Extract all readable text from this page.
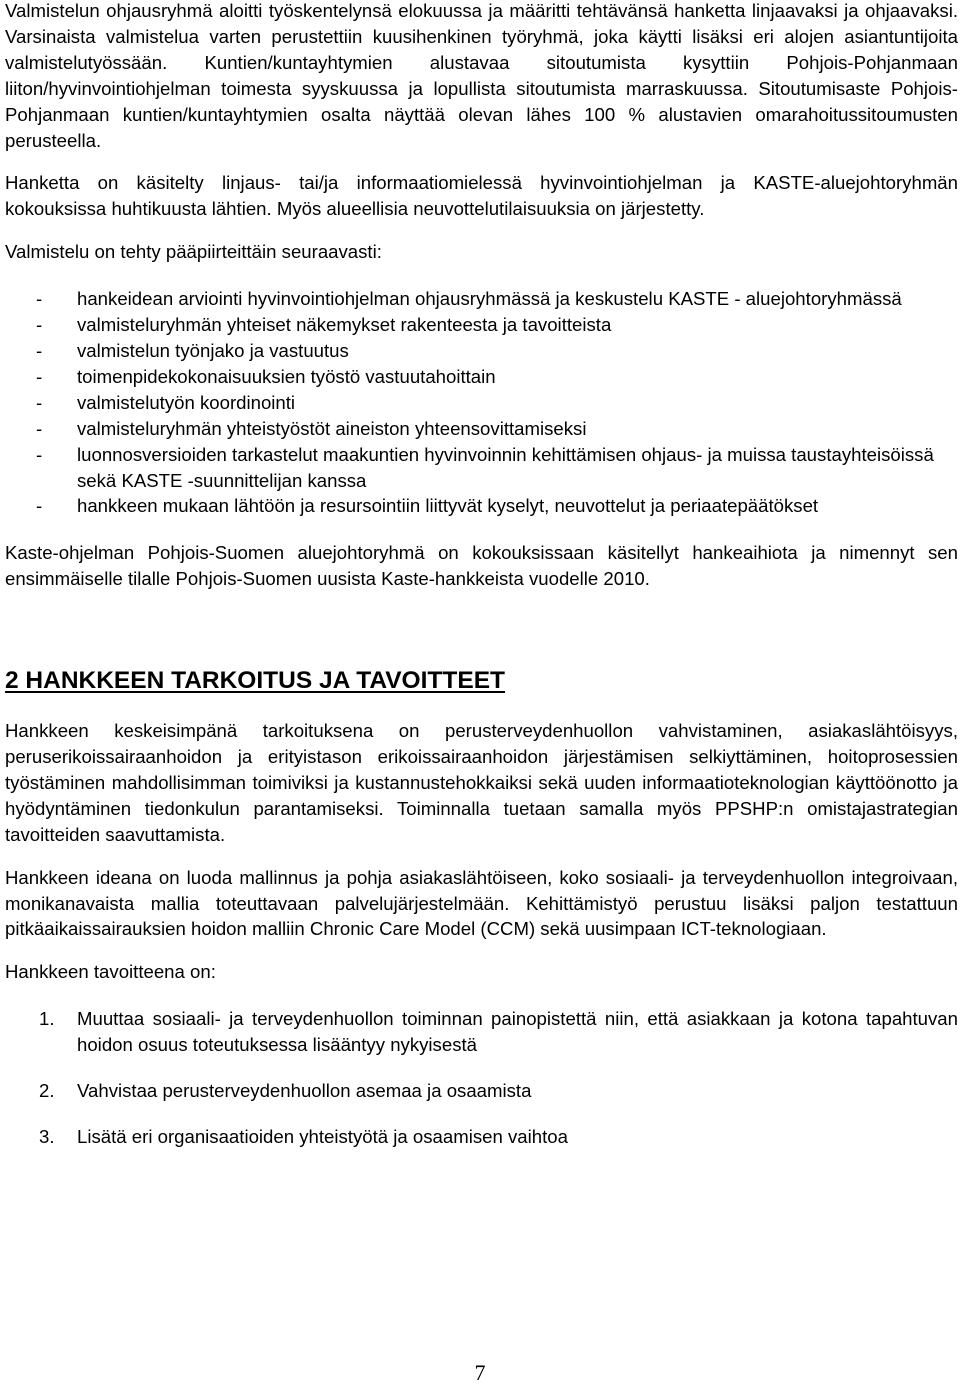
Valmistelun ohjausryhmä aloitti työskentelynsä elokuussa ja määritti tehtävänsä hanketta linjaavaksi ja ohjaavaksi. Varsinaista valmistelua varten perustettiin kuusihenkinen työryhmä, joka käytti lisäksi eri alojen asiantuntijoita valmistelutyössään. Kuntien/kuntayhtymien alustavaa sitoutumista kysyttiin Pohjois-Pohjanmaan liiton/hyvinvointiohjelman toimesta syyskuussa ja lopullista sitoutumista marraskuussa. Sitoutumisaste Pohjois-Pohjanmaan kuntien/kuntayhtymien osalta näyttää olevan lähes 100 % alustavien omarahoitussitoumusten perusteella.

Hanketta on käsitelty linjaus- tai/ja informaatiomielessä hyvinvointiohjelman ja KASTE-aluejohtoryhmän kokouksissa huhtikuusta lähtien. Myös alueellisia neuvottelutilaisuuksia on järjestetty.

Valmistelu on tehty pääpiirteittäin seuraavasti:

- hankeidean arviointi hyvinvointiohjelman ohjausryhmässä ja keskustelu KASTE - aluejohtoryhmässä
- valmisteluryhmän yhteiset näkemykset rakenteesta ja tavoitteista
- valmistelun työnjako ja vastuutus
- toimenpidekokonaisuuksien työstö vastuutahoittain
- valmistelutyön koordinointi
- valmisteluryhmän yhteistyöstöt aineiston yhteensovittamiseksi
- luonnosversioiden tarkastelut maakuntien hyvinvoinnin kehittämisen ohjaus- ja muissa taustayhteisöissä sekä KASTE -suunnittelijan kanssa
- hankkeen mukaan lähtöön ja resursointiin liittyvät kyselyt, neuvottelut ja periaatepäätökset

Kaste-ohjelman Pohjois-Suomen aluejohtoryhmä on kokouksissaan käsitellyt hankeaihiota ja nimennyt sen ensimmäiselle tilalle Pohjois-Suomen uusista Kaste-hankkeista vuodelle 2010.

2 HANKKEEN TARKOITUS JA TAVOITTEET

Hankkeen keskeisimpänä tarkoituksena on perusterveydenhuollon vahvistaminen, asiakaslähtöisyys, peruserikoissairaanhoidon ja erityistason erikoissairaanhoidon järjestämisen selkiyttäminen, hoitoprosessien työstäminen mahdollisimman toimiviksi ja kustannustehokkaiksi sekä uuden informaatioteknologian käyttöönotto ja hyödyntäminen tiedonkulun parantamiseksi. Toiminnalla tuetaan samalla myös PPSHP:n omistajastrategian tavoitteiden saavuttamista.

Hankkeen ideana on luoda mallinnus ja pohja asiakaslähtöiseen, koko sosiaali- ja terveydenhuollon integroivaan, monikanavaista mallia toteuttavaan palvelujärjestelmään. Kehittämistyö perustuu lisäksi paljon testattuun pitkäaikaissairauksien hoidon malliin Chronic Care Model (CCM) sekä uusimpaan ICT-teknologiaan.

Hankkeen tavoitteena on:

1. Muuttaa sosiaali- ja terveydenhuollon toiminnan painopistettä niin, että asiakkaan ja kotona tapahtuvan hoidon osuus toteutuksessa lisääntyy nykyisestä
2. Vahvistaa perusterveydenhuollon asemaa ja osaamista
3. Lisätä eri organisaatioiden yhteistyötä ja osaamisen vaihtoa
7
